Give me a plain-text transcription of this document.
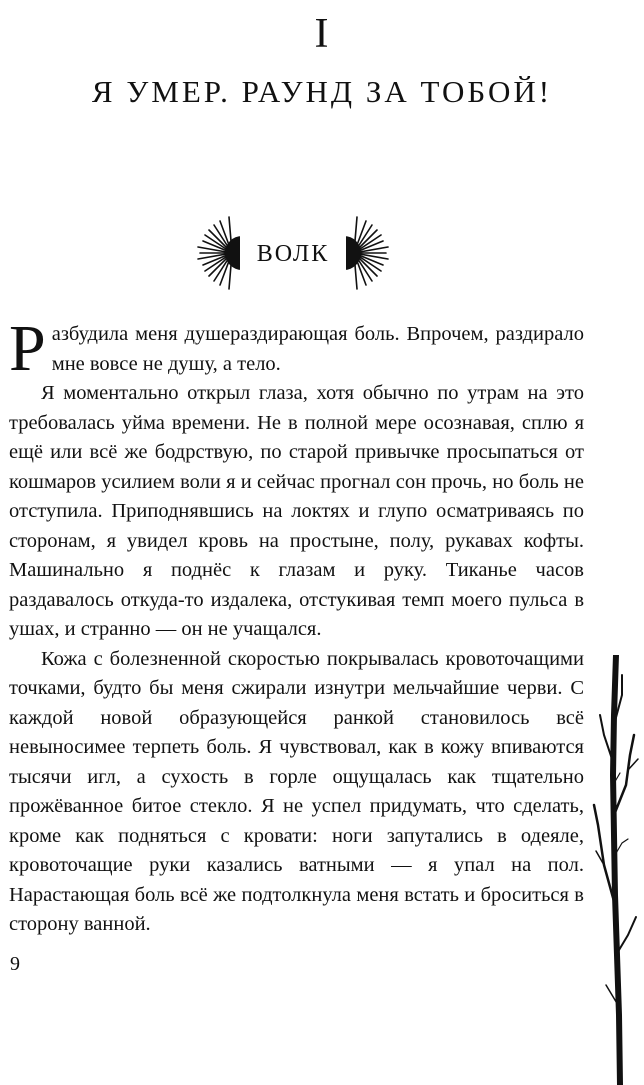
I
Я УМЕР. РАУНД ЗА ТОБОЙ!
ВОЛК

Разбудила меня душераздирающая боль. Впрочем, раздирало мне вовсе не душу, а тело.

Я моментально открыл глаза, хотя обычно по утрам на это требовалась уйма времени. Не в полной мере осознавая, сплю я ещё или всё же бодрствую, по старой привычке просыпаться от кошмаров усилием воли я и сейчас прогнал сон прочь, но боль не отступила. Приподнявшись на локтях и глупо осматриваясь по сторонам, я увидел кровь на простыне, полу, рукавах кофты. Машинально я поднёс к глазам и руку. Тиканье часов раздавалось откуда-то издалека, отстукивая темп моего пульса в ушах, и странно — он не учащался.

Кожа с болезненной скоростью покрывалась кровоточащими точками, будто бы меня сжирали изнутри мельчайшие черви. С каждой новой образующейся ранкой становилось всё невыносимее терпеть боль. Я чувствовал, как в кожу впиваются тысячи игл, а сухость в горле ощущалась как тщательно прожёванное битое стекло. Я не успел придумать, что сделать, кроме как подняться с кровати: ноги запутались в одеяле, кровоточащие руки казались ватными — я упал на пол. Нарастающая боль всё же подтолкнула меня встать и броситься в сторону ванной.

9
